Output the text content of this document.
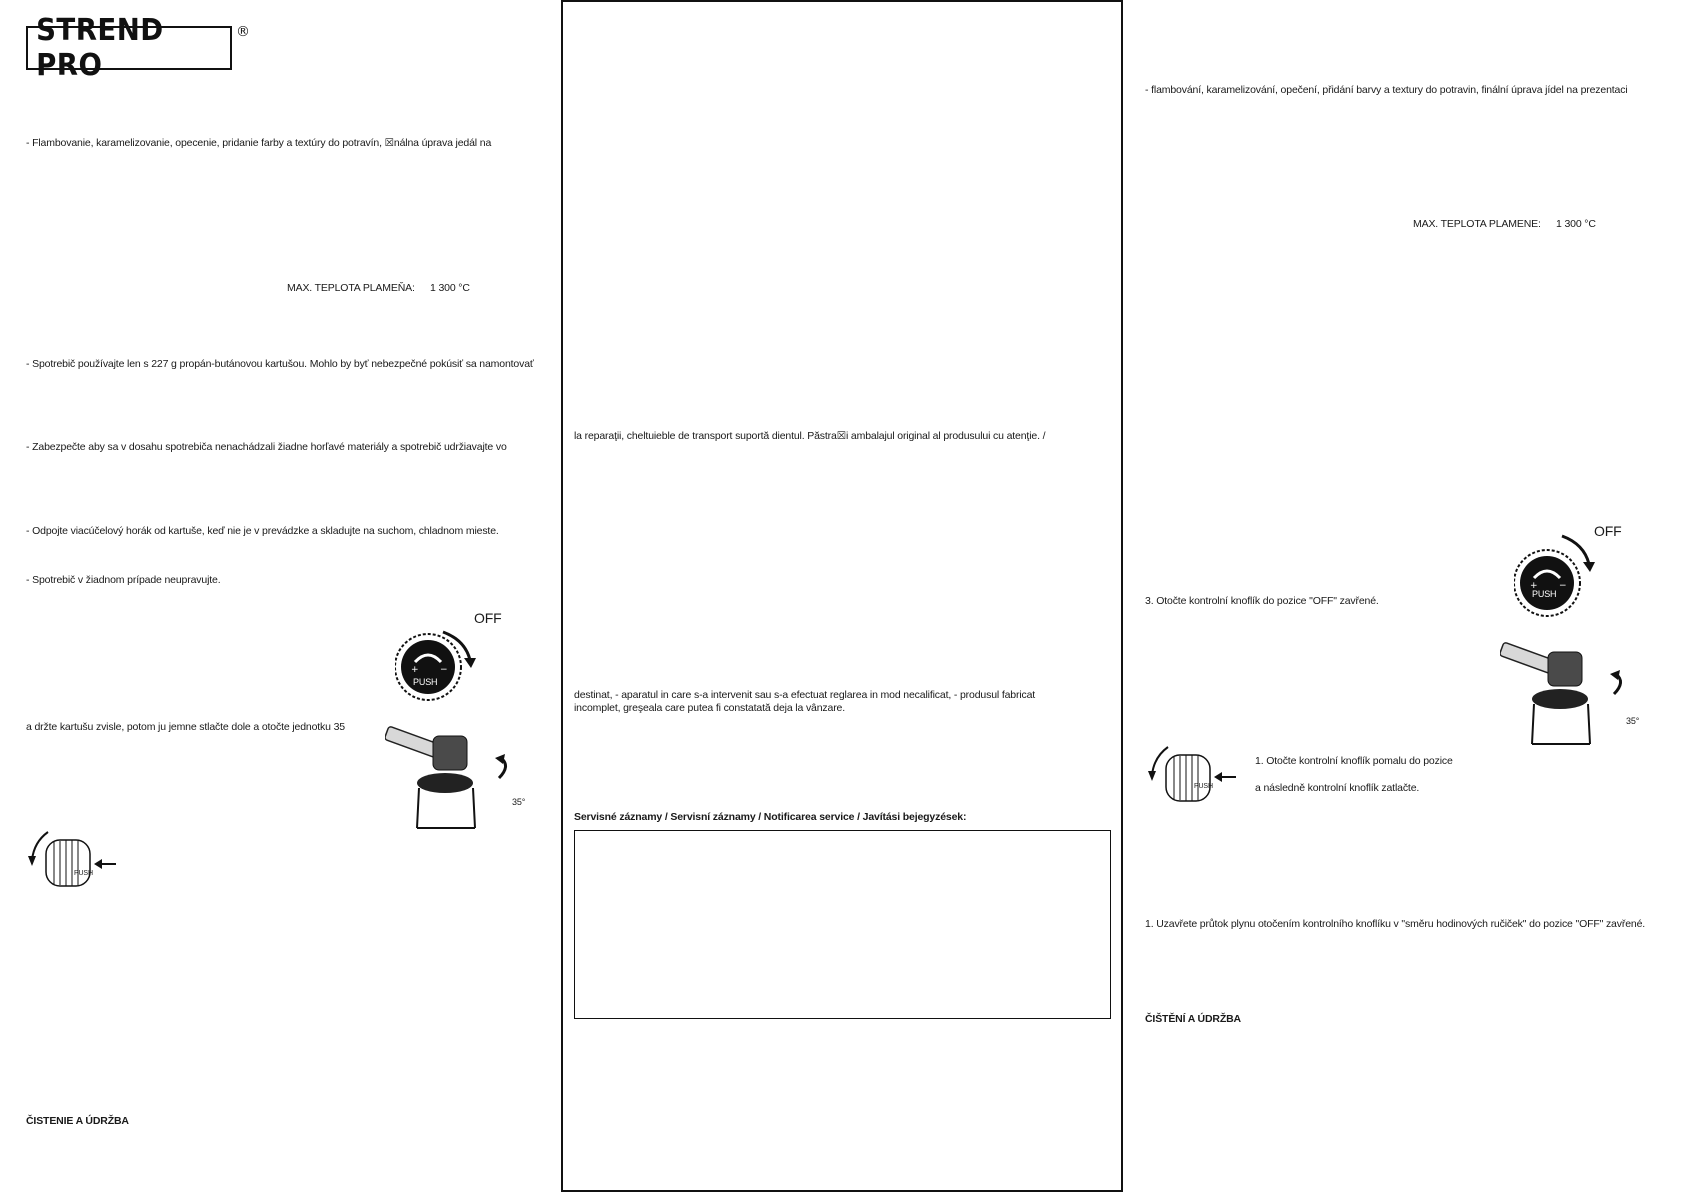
STREND PRO
®
- Flambovanie, karamelizovanie, opecenie, pridanie farby a textúry do potravín, ☒nálna úprava jedál na
MAX. TEPLOTA PLAMEŇA: 1 300 °C
- Spotrebič používajte len s 227 g propán-butánovou kartušou. Mohlo by byť nebezpečné pokúsiť sa namontovať
- Zabezpečte aby sa v dosahu spotrebiča nenachádzali žiadne horľavé materiály a spotrebič udržiavajte vo
- Odpojte viacúčelový horák od kartuše, keď nie je v prevádzke a skladujte na suchom, chladnom mieste.
- Spotrebič v žiadnom prípade neupravujte.
+ −
OFF
PUSH
a držte kartušu zvisle, potom ju jemne stlačte dole a otočte jednotku 35
35°
PUSH
ČISTENIE A ÚDRŽBA
la reparaţii, cheltuieble de transport suportă dientul. Păstra☒i ambalajul original al produsului cu atenţie. /
destinat, - aparatul in care s-a intervenit sau s-a efectuat reglarea in mod necalificat, - produsul fabricat
incomplet, greşeala care putea fi constatată deja la vânzare.
Servisné záznamy / Servisní záznamy / Notificarea service / Javítási bejegyzések:
- flambování, karamelizování, opečení, přidání barvy a textury do potravin, finální úprava jídel na prezentaci
MAX. TEPLOTA PLAMENE: 1 300 °C
+ −
OFF
PUSH
3. Otočte kontrolní knoflík do pozice "OFF" zavřené.
35°
PUSH
1. Otočte kontrolní knoflík pomalu do pozice
a následně kontrolní knoflík zatlačte.
1. Uzavřete průtok plynu otočením kontrolního knoflíku v "směru hodinových ručiček" do pozice "OFF" zavřené.
ČIŠTĚNÍ A ÚDRŽBA
